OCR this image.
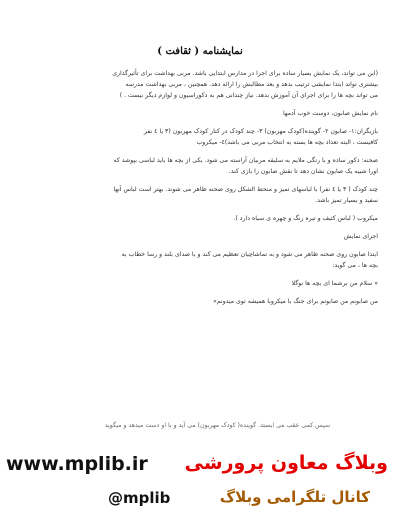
نمایشنامه ( ثقافت )

(این می تواند، یک نمایش بسیار ساده برای اجرا در مدارس ابتدایی باشد. مربی بهداشت برای تأثیرگذاری
بیشتری تواند ابتدا نمایشی ترتیب بدهد و بعد مطالبش را ارائه دهد. همچنین ، مربی بهداشت مدرسه
می تواند بچه ها را برای اجرای آن آموزش بدهد. نیاز چندانی هم به دکوراسیون و لوازم دیگر نیست . )

نام نمایش صابون، دوست خوب آدمها

بازیگران:۱- صابون ۲- گوینده(کودک مهربون) ۳- چند کودک در کنار کودک مهربون (۳ یا ٤ نفر
کافیست ، البته تعداد بچه ها بسته به انتخاب مربی می باشد)٤- میکروب

صحنه: دکور ساده و با رنگی ملایم به سلیقه مربیان آراسته می شود. یکی از بچه ها باید لباسی بپوشد که
اورا شبیه یک صابون نشان دهد تا نقش صابون را بازی کند.

چند کودک ( ۳ یا ٤ نفر) با لباسهای تمیز و منحط الشکل روی صحنه ظاهر می شوند. بهتر است لباس آنها
سفید و بسیار تمیز باشد.

میکروب ( لباس کثیف و تیره رنگ و چهره ی سیاه دارد ).

اجرای نمایش

ابتدا صابون روی صحنه ظاهر می شود و به تماشاچیان تعظیم می کند و با صدای بلند و رسا خطاب به
بچه ها ، می گوید:

« سلام من برشما ای بچه ها نوگلا

من صابونم من صابونم برای جنگ با میکروبا همیشه توی میدونم»

سپس کمی عقب می ایستد. گوینده( کودک مهربون) می آید و با او دست میدهد و میگوید
www.mplib.ir وبلاگ معاون پرورشی
کانال تلگرامی وبلاگ
@mplib
